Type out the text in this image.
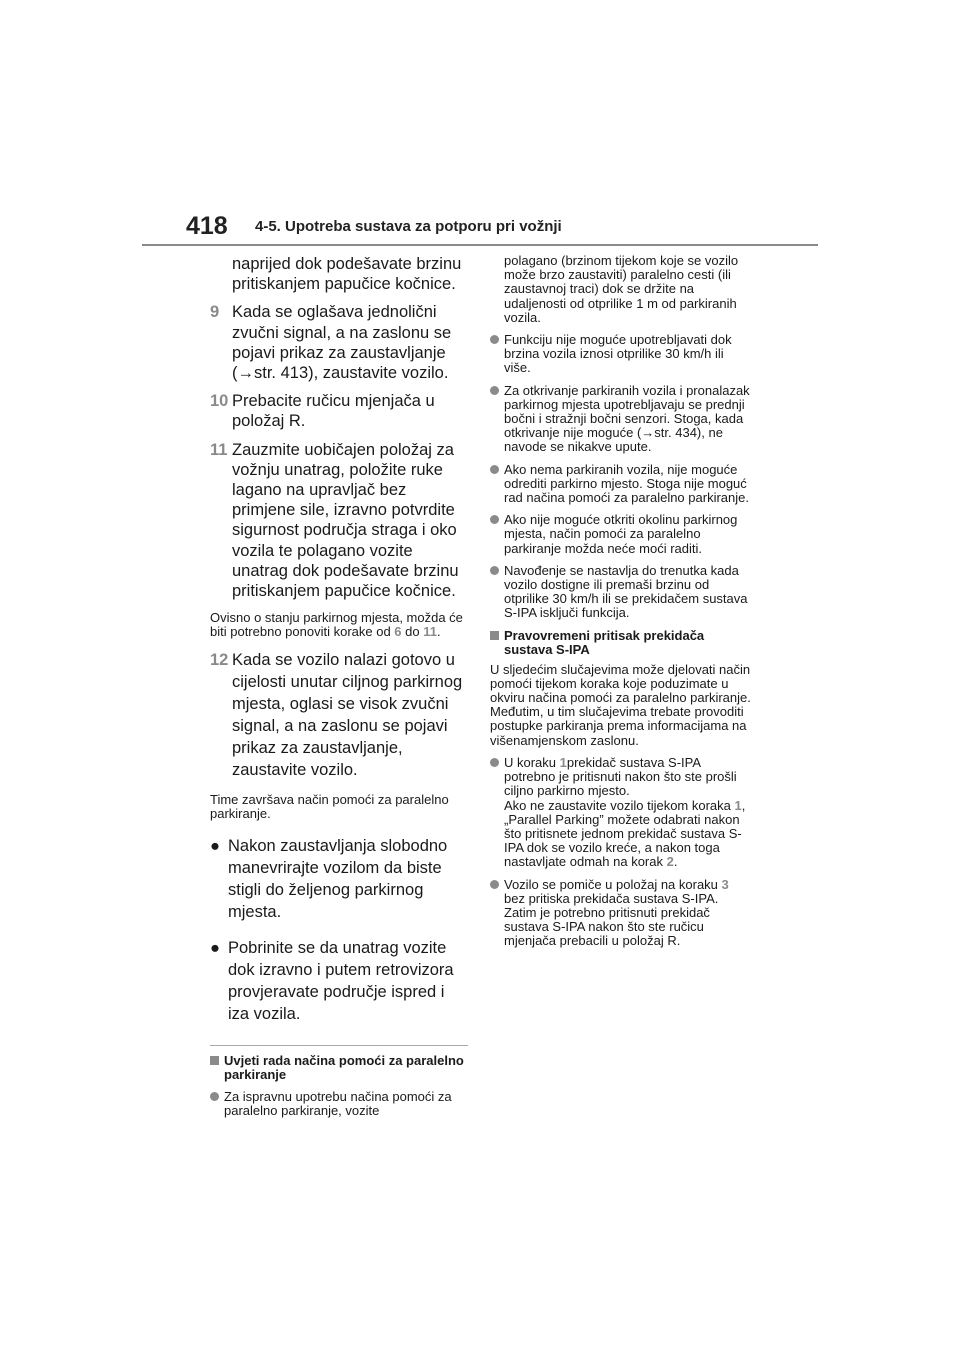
418 4-5. Upotreba sustava za potporu pri vožnji
naprijed dok podešavate brzinu pritiskanjem papučice kočnice.
9 Kada se oglašava jednolični zvučni signal, a na zaslonu se pojavi prikaz za zaustavljanje (→str. 413), zaustavite vozilo.
10 Prebacite ručicu mjenjača u položaj R.
11 Zauzmite uobičajen položaj za vožnju unatrag, položite ruke lagano na upravljač bez primjene sile, izravno potvrdite sigurnost područja straga i oko vozila te polagano vozite unatrag dok podešavate brzinu pritiskanjem papučice kočnice.
Ovisno o stanju parkirnog mjesta, možda će biti potrebno ponoviti korake od 6 do 11.
12 Kada se vozilo nalazi gotovo u cijelosti unutar ciljnog parkirnog mjesta, oglasi se visok zvučni signal, a na zaslonu se pojavi prikaz za zaustavljanje, zaustavite vozilo.
Time završava način pomoći za paralelno parkiranje.
● Nakon zaustavljanja slobodno manevrirajte vozilom da biste stigli do željenog parkirnog mjesta.
● Pobrinite se da unatrag vozite dok izravno i putem retrovizora provjeravate područje ispred i iza vozila.
Uvjeti rada načina pomoći za paralelno parkiranje
Za ispravnu upotrebu načina pomoći za paralelno parkiranje, vozite
polagano (brzinom tijekom koje se vozilo može brzo zaustaviti) paralelno cesti (ili zaustavnoj traci) dok se držite na udaljenosti od otprilike 1 m od parkiranih vozila.
Funkciju nije moguće upotrebljavati dok brzina vozila iznosi otprilike 30 km/h ili više.
Za otkrivanje parkiranih vozila i pronalazak parkirnog mjesta upotrebljavaju se prednji bočni i stražnji bočni senzori. Stoga, kada otkrivanje nije moguće (→str. 434), ne navode se nikakve upute.
Ako nema parkiranih vozila, nije moguće odrediti parkirno mjesto. Stoga nije moguć rad načina pomoći za paralelno parkiranje.
Ako nije moguće otkriti okolinu parkirnog mjesta, način pomoći za paralelno parkiranje možda neće moći raditi.
Navođenje se nastavlja do trenutka kada vozilo dostigne ili premaši brzinu od otprilike 30 km/h ili se prekidačem sustava S-IPA isključi funkcija.
Pravovremeni pritisak prekidača sustava S-IPA
U sljedećim slučajevima može djelovati način pomoći tijekom koraka koje poduzimate u okviru načina pomoći za paralelno parkiranje. Međutim, u tim slučajevima trebate provoditi postupke parkiranja prema informacijama na višenamjenskom zaslonu.
U koraku 1prekidač sustava S-IPA potrebno je pritisnuti nakon što ste prošli ciljno parkirno mjesto.
Ako ne zaustavite vozilo tijekom koraka 1, „Parallel Parking” možete odabrati nakon što pritisnete jednom prekidač sustava S-IPA dok se vozilo kreće, a nakon toga nastavljate odmah na korak 2.
Vozilo se pomiče u položaj na koraku 3 bez pritiska prekidača sustava S-IPA. Zatim je potrebno pritisnuti prekidač sustava S-IPA nakon što ste ručicu mjenjača prebacili u položaj R.
